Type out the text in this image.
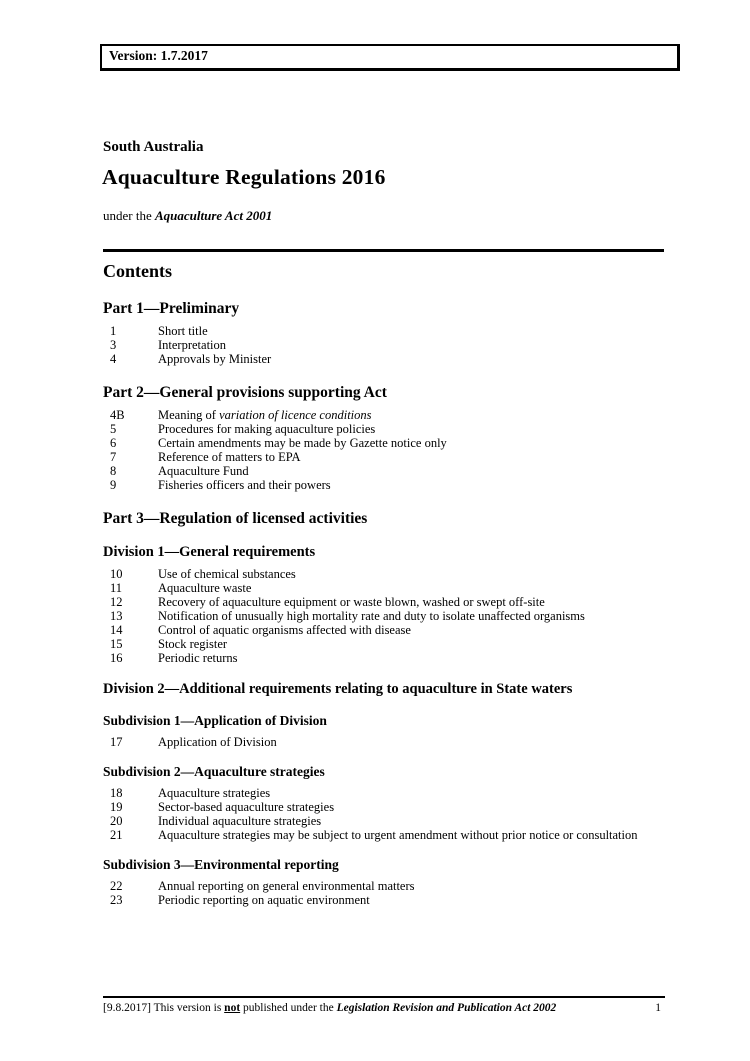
Version: 1.7.2017
South Australia
Aquaculture Regulations 2016
under the Aquaculture Act 2001
Contents
Part 1—Preliminary
1	Short title
3	Interpretation
4	Approvals by Minister
Part 2—General provisions supporting Act
4B	Meaning of variation of licence conditions
5	Procedures for making aquaculture policies
6	Certain amendments may be made by Gazette notice only
7	Reference of matters to EPA
8	Aquaculture Fund
9	Fisheries officers and their powers
Part 3—Regulation of licensed activities
Division 1—General requirements
10	Use of chemical substances
11	Aquaculture waste
12	Recovery of aquaculture equipment or waste blown, washed or swept off-site
13	Notification of unusually high mortality rate and duty to isolate unaffected organisms
14	Control of aquatic organisms affected with disease
15	Stock register
16	Periodic returns
Division 2—Additional requirements relating to aquaculture in State waters
Subdivision 1—Application of Division
17	Application of Division
Subdivision 2—Aquaculture strategies
18	Aquaculture strategies
19	Sector-based aquaculture strategies
20	Individual aquaculture strategies
21	Aquaculture strategies may be subject to urgent amendment without prior notice or consultation
Subdivision 3—Environmental reporting
22	Annual reporting on general environmental matters
23	Periodic reporting on aquatic environment
[9.8.2017] This version is not published under the Legislation Revision and Publication Act 2002	1
